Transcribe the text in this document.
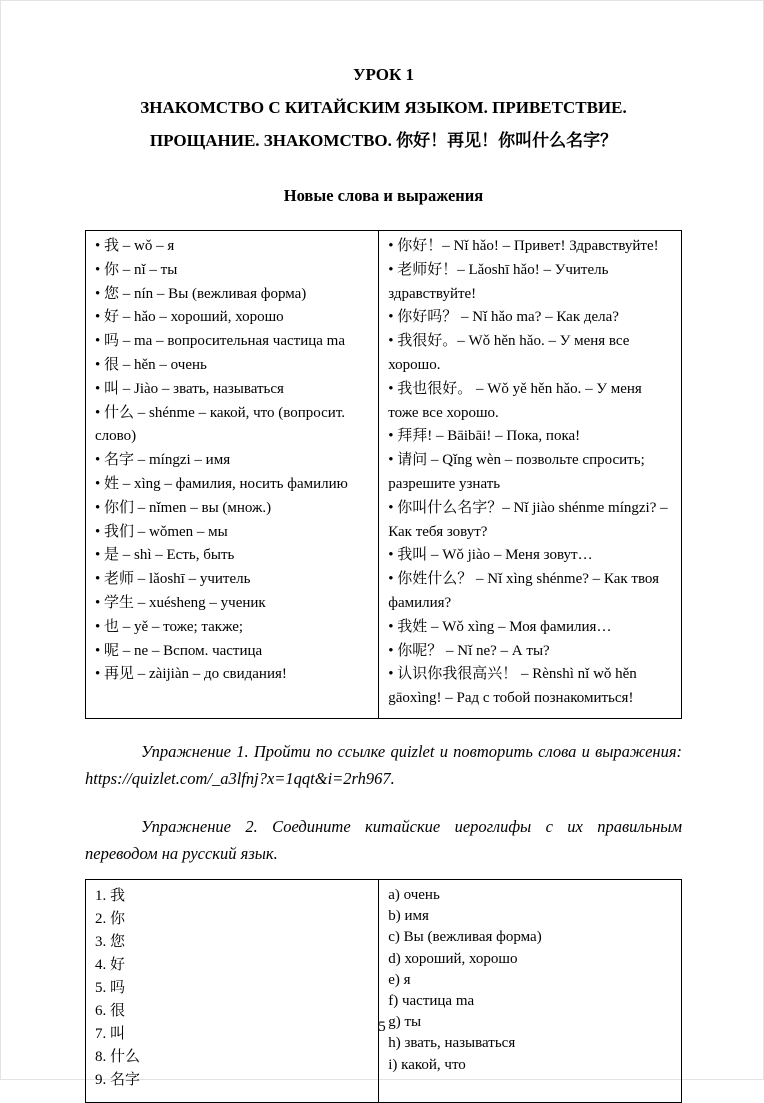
УРОК 1
ЗНАКОМСТВО С КИТАЙСКИМ ЯЗЫКОМ. ПРИВЕТСТВИЕ.
ПРОЩАНИЕ. ЗНАКОМСТВО. 你好！再见！你叫什么名字？
Новые слова и выражения
• 我 – wǒ – я
• 你 – nǐ – ты
• 您 – nín – Вы (вежливая форма)
• 好 – hǎo – хороший, хорошо
• 吗 – ma – вопросительная частица ma
• 很 – hěn – очень
• 叫 – Jiào – звать, называться
• 什么 – shénme – какой, что (вопросит. слово)
• 名字 – míngzi – имя
• 姓 – xìng – фамилия, носить фамилию
• 你们 – nǐmen – вы (множ.)
• 我们 – wǒmen – мы
• 是 – shì – Есть, быть
• 老师 – lǎoshī – учитель
• 学生 – xuésheng – ученик
• 也 – yě – тоже; также;
• 呢 – ne – Вспом. частица
• 再见 – zàijiàn – до свидания!

• 你好！– Nǐ hǎo! – Привет! Здравствуйте!
• 老师好！– Lǎoshī hǎo! – Учитель здравствуйте!
• 你好吗？ – Nǐ hǎo ma? – Как дела?
• 我很好。– Wǒ hěn hǎo. – У меня все хорошо.
• 我也很好。 – Wǒ yě hěn hǎo. – У меня тоже все хорошо.
• 拜拜! – Bāibāi! – Пока, пока!
• 请问 – Qǐng wèn – позвольте спросить; разрешите узнать
• 你叫什么名字？– Nǐ jiào shénme míngzi? – Как тебя зовут?
• 我叫 – Wǒ jiào – Меня зовут…
• 你姓什么？ – Nǐ xìng shénme? – Как твоя фамилия?
• 我姓 – Wǒ xìng – Моя фамилия…
• 你呢？ – Nǐ ne? – А ты?
• 认识你我很高兴！ – Rènshì nǐ wǒ hěn gāoxìng! – Рад с тобой познакомиться!

Упражнение 1. Пройти по ссылке quizlet и повторить слова и выражения: https://quizlet.com/_a3lfnj?x=1qqt&i=2rh967.

Упражнение 2. Соедините китайские иероглифы с их правильным переводом на русский язык.

1. 我
2. 你
3. 您
4. 好
5. 吗
6. 很
7. 叫
8. 什么
9. 名字

a) очень
b) имя
c) Вы (вежливая форма)
d) хороший, хорошо
e) я
f) частица ma
g) ты
h) звать, называться
i) какой, что
5
